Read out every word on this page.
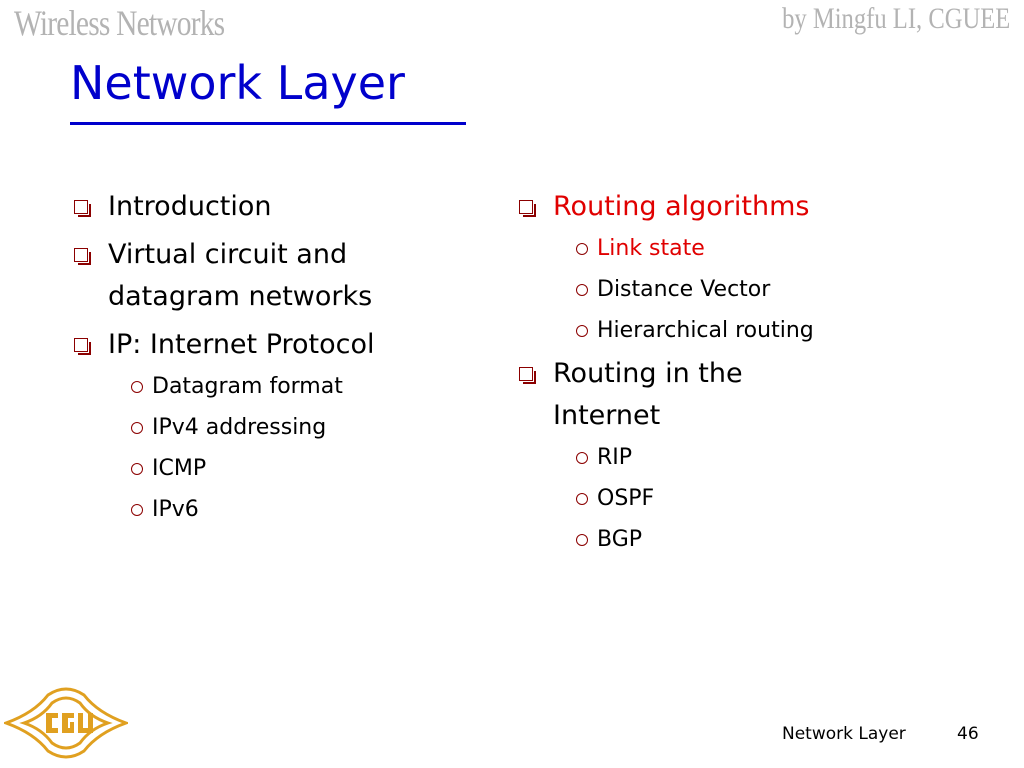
Wireless Networks	by Mingfu LI, CGUEE
Network Layer
Introduction
Virtual circuit and datagram networks
IP: Internet Protocol
Datagram format
IPv4 addressing
ICMP
IPv6
Routing algorithms
Link state
Distance Vector
Hierarchical routing
Routing in the Internet
RIP
OSPF
BGP
Network Layer	46
